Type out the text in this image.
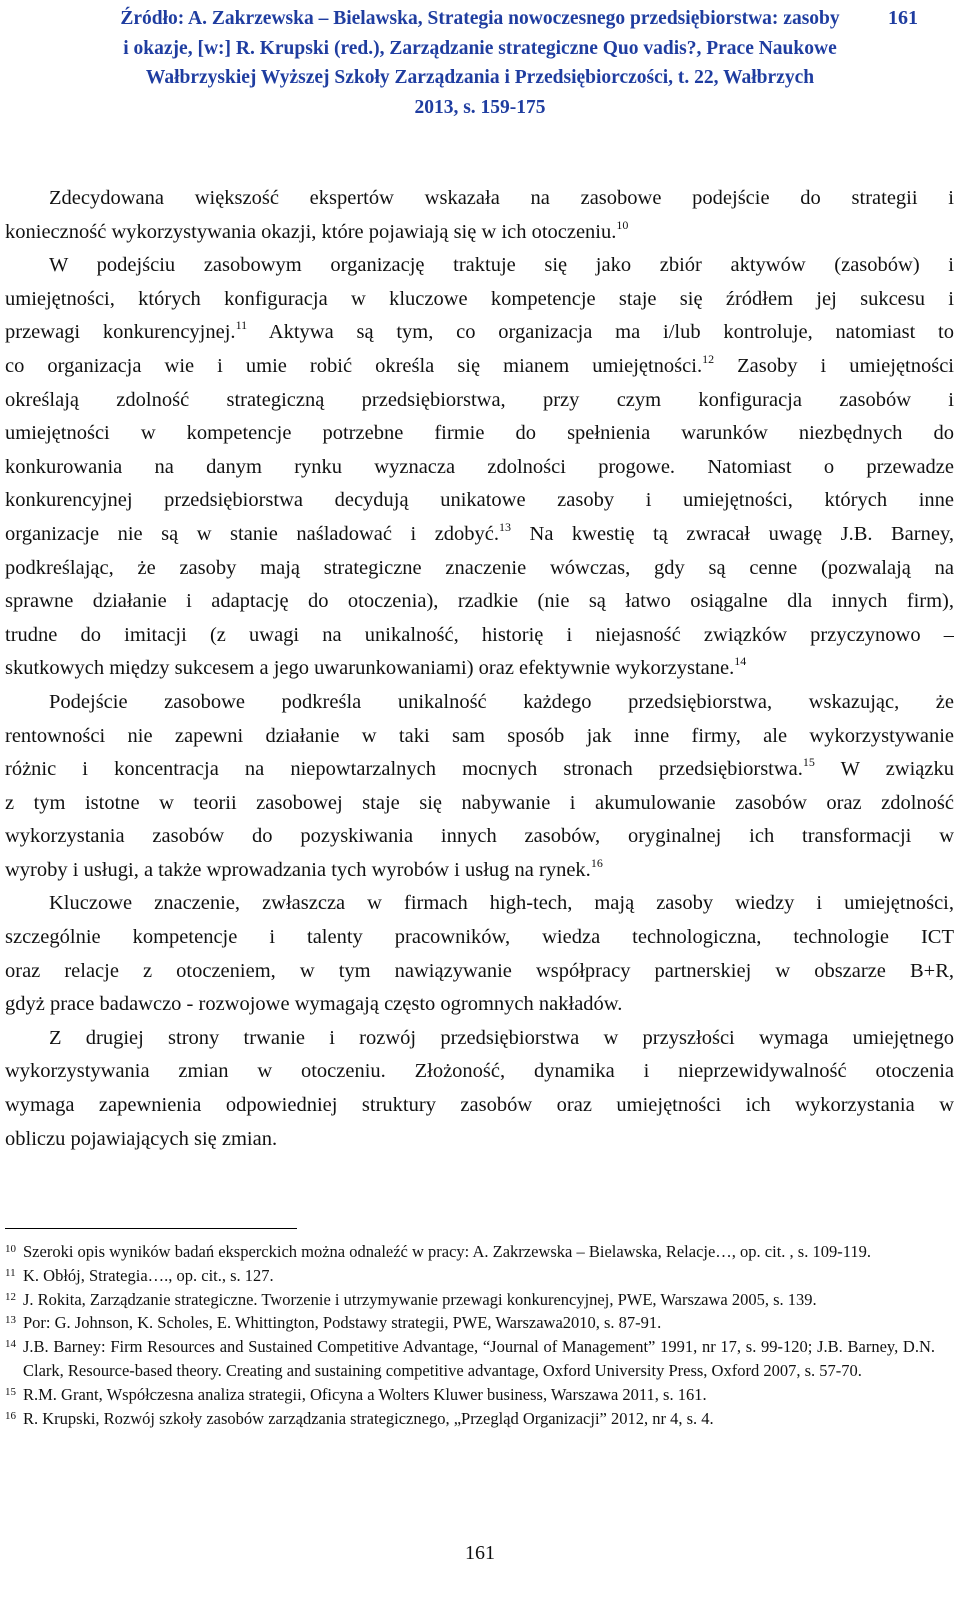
Źródło: A. Zakrzewska – Bielawska, Strategia nowoczesnego przedsiębiorstwa: zasoby
i okazje, [w:] R. Krupski (red.), Zarządzanie strategiczne Quo vadis?, Prace Naukowe
Wałbrzyskiej Wyższej Szkoły Zarządzania i Przedsiębiorczości, t. 22, Wałbrzych
2013, s. 159-175
161

Zdecydowana większość ekspertów wskazała na zasobowe podejście do strategii i

konieczność wykorzystywania okazji, które pojawiają się w ich otoczeniu.$^{10}$

W podejściu zasobowym organizację traktuje się jako zbiór aktywów (zasobów) i

umiejętności, których konfiguracja w kluczowe kompetencje staje się źródłem jej sukcesu i
przewagi konkurencyjnej.$^{11}$ Aktywa są tym, co organizacja ma i/lub kontroluje, natomiast to
co organizacja wie i umie robić określa się mianem umiejętności.$^{12}$ Zasoby i umiejętności
określają zdolność strategiczną przedsiębiorstwa, przy czym konfiguracja zasobów i
umiejętności w kompetencje potrzebne firmie do spełnienia warunków niezbędnych do
konkurowania na danym rynku wyznacza zdolności progowe. Natomiast o przewadze
konkurencyjnej przedsiębiorstwa decydują unikatowe zasoby i umiejętności, których inne
organizacje nie są w stanie naśladować i zdobyć.$^{13}$ Na kwestię tą zwracał uwagę J.B. Barney,
podkreślając, że zasoby mają strategiczne znaczenie wówczas, gdy są cenne (pozwalają na
sprawne działanie i adaptację do otoczenia), rzadkie (nie są łatwo osiągalne dla innych firm),
trudne do imitacji (z uwagi na unikalność, historię i niejasność związków przyczynowo –
skutkowych między sukcesem a jego uwarunkowaniami) oraz efektywnie wykorzystane.$^{14}$

Podejście zasobowe podkreśla unikalność każdego przedsiębiorstwa, wskazując, że

rentowności nie zapewni działanie w taki sam sposób jak inne firmy, ale wykorzystywanie
różnic i koncentracja na niepowtarzalnych mocnych stronach przedsiębiorstwa.$^{15}$ W związku
z tym istotne w teorii zasobowej staje się nabywanie i akumulowanie zasobów oraz zdolność
wykorzystania zasobów do pozyskiwania innych zasobów, oryginalnej ich transformacji w
wyroby i usługi, a także wprowadzania tych wyrobów i usług na rynek.$^{16}$

Kluczowe znaczenie, zwłaszcza w firmach high-tech, mają zasoby wiedzy i umiejętności,

szczególnie kompetencje i talenty pracowników, wiedza technologiczna, technologie ICT
oraz relacje z otoczeniem, w tym nawiązywanie współpracy partnerskiej w obszarze B+R,
gdyż prace badawczo - rozwojowe wymagają często ogromnych nakładów.

Z drugiej strony trwanie i rozwój przedsiębiorstwa w przyszłości wymaga umiejętnego

wykorzystywania zmian w otoczeniu. Złożoność, dynamika i nieprzewidywalność otoczenia
wymaga zapewnienia odpowiedniej struktury zasobów oraz umiejętności ich wykorzystania w
obliczu pojawiających się zmian.
10 Szeroki opis wyników badań eksperckich można odnaleźć w pracy: A. Zakrzewska – Bielawska, Relacje…, op. cit. , s. 109-119.
11 K. Obłój, Strategia…., op. cit., s. 127.
12 J. Rokita, Zarządzanie strategiczne. Tworzenie i utrzymywanie przewagi konkurencyjnej, PWE, Warszawa 2005, s. 139.
13 Por: G. Johnson, K. Scholes, E. Whittington, Podstawy strategii, PWE, Warszawa2010, s. 87-91.
14 J.B. Barney: Firm Resources and Sustained Competitive Advantage, “Journal of Management” 1991, nr 17, s. 99-120; J.B. Barney, D.N. Clark, Resource-based theory. Creating and sustaining competitive advantage, Oxford University Press, Oxford 2007, s. 57-70.
15 R.M. Grant, Współczesna analiza strategii, Oficyna a Wolters Kluwer business, Warszawa 2011, s. 161.
16 R. Krupski, Rozwój szkoły zasobów zarządzania strategicznego, „Przegląd Organizacji” 2012, nr 4, s. 4.
161
